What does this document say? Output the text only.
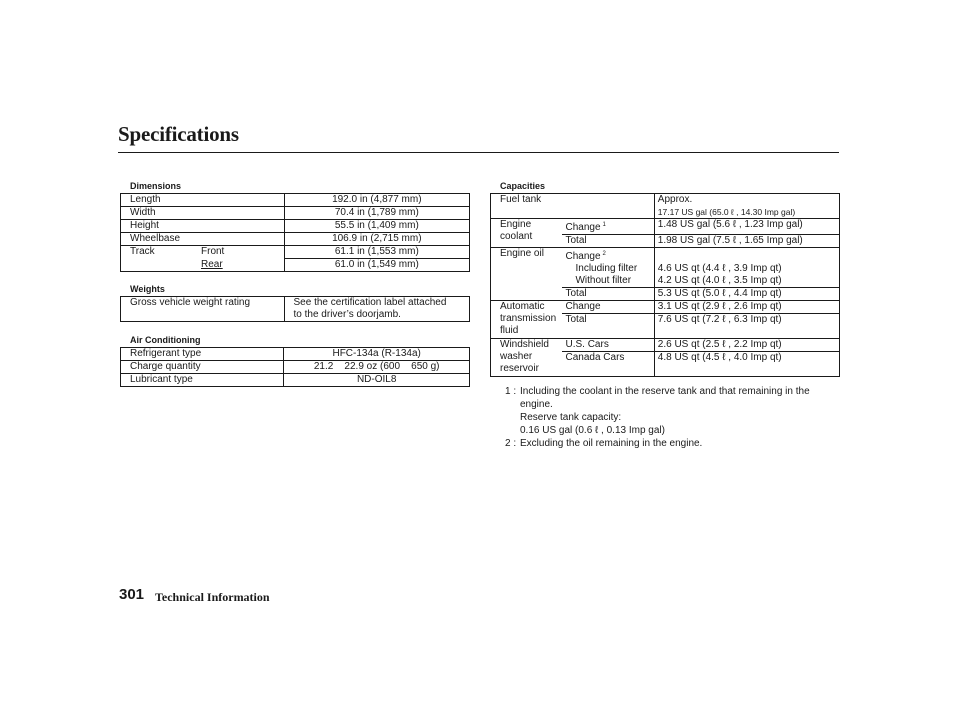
Specifications
Dimensions
Length	192.0 in (4,877 mm)
Width	70.4 in (1,789 mm)
Height	55.5 in (1,409 mm)
Wheelbase	106.9 in (2,715 mm)
Track Front	61.1 in (1,553 mm)
Rear	61.0 in (1,549 mm)
Weights
Gross vehicle weight rating	See the certification label attached
to the driver’s doorjamb.
Air Conditioning
Refrigerant type	HFC-134a (R-134a)
Charge quantity	21.2    22.9 oz (600    650 g)
Lubricant type	ND-OIL8
Capacities
Fuel tank		Approx.
17.17 US gal (65.0 ℓ , 14.30 Imp gal)

Engine
coolant	Change $^1$	1.48 US gal (5.6 ℓ , 1.23 Imp gal)
	Total	1.98 US gal (7.5 ℓ , 1.65 Imp gal)
Engine oil	Change $^2$	
	Including filter	4.6 US qt (4.4 ℓ , 3.9 Imp qt)
	Without filter	4.2 US qt (4.0 ℓ , 3.5 Imp qt)
	Total	5.3 US qt (5.0 ℓ , 4.4 Imp qt)

Automatic
transmission
fluid	Change	3.1 US qt (2.9 ℓ , 2.6 Imp qt)
	Total	7.6 US qt (7.2 ℓ , 6.3 Imp qt)

Windshield
washer
reservoir	U.S. Cars	2.6 US qt (2.5 ℓ , 2.2 Imp qt)
	Canada Cars	4.8 US qt (4.5 ℓ , 4.0 Imp qt)
1 : Including the coolant in the reserve tank and that remaining in the
engine.
Reserve tank capacity:
0.16 US gal (0.6 ℓ , 0.13 Imp gal)
2 : Excluding the oil remaining in the engine.
301 Technical Information
